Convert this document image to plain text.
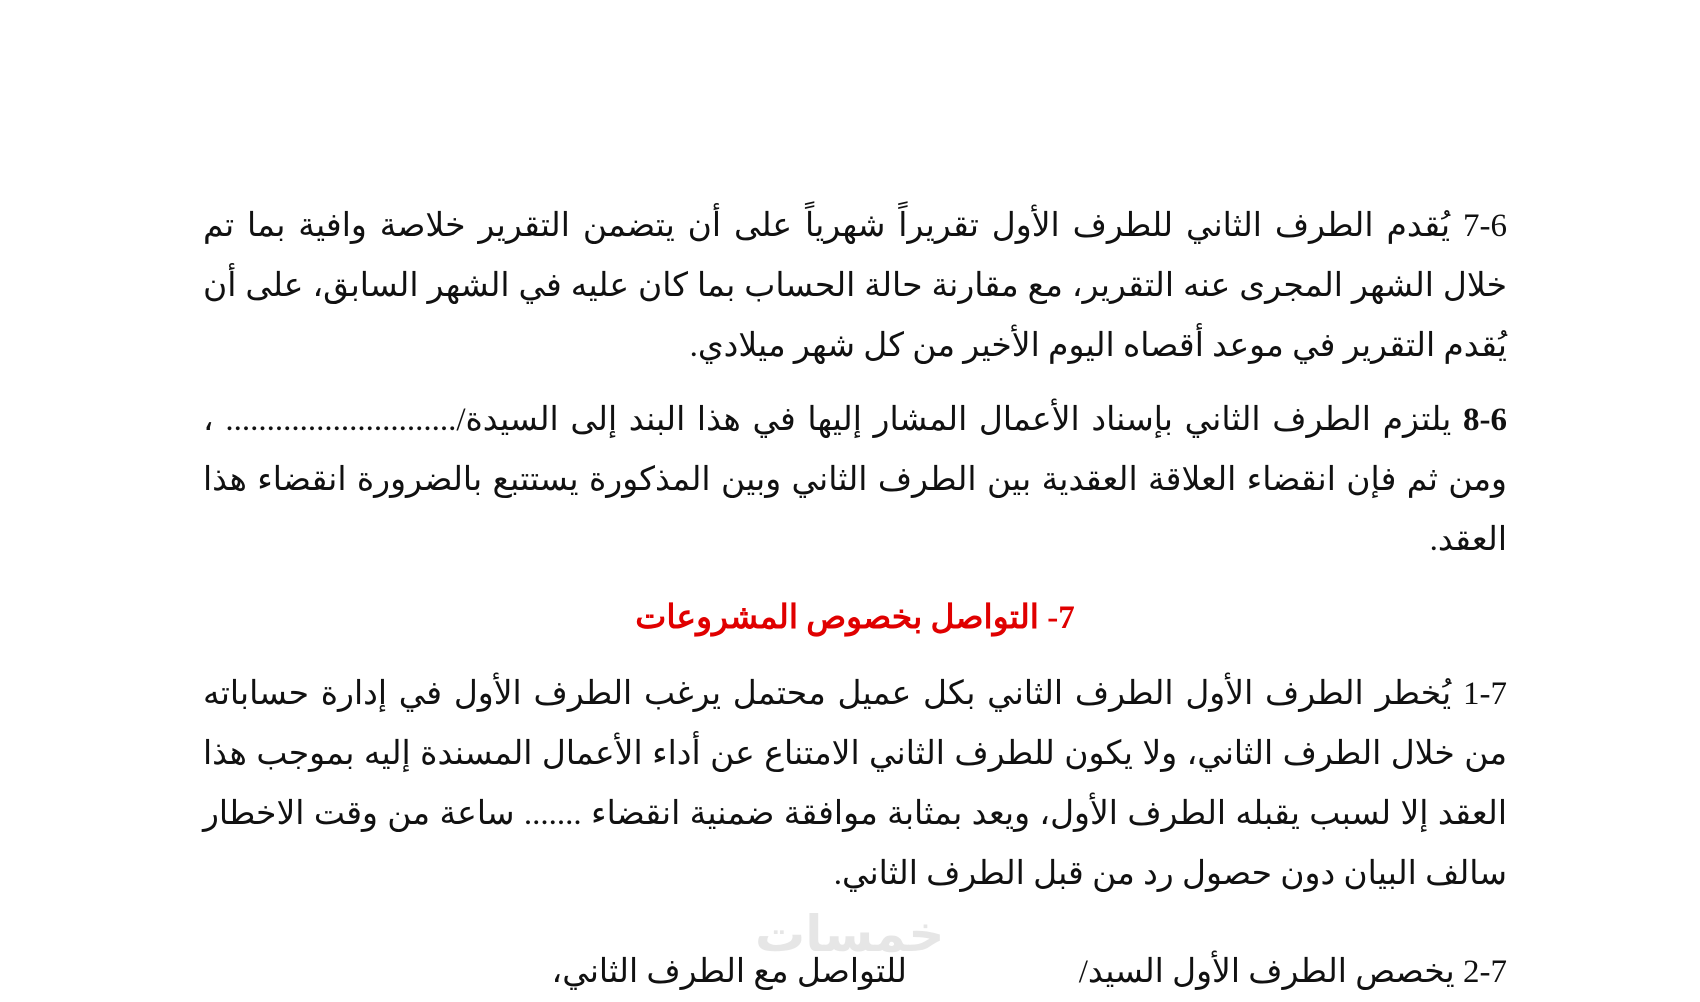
7-6 يُقدم الطرف الثاني للطرف الأول تقريراً شهرياً على أن يتضمن التقرير خلاصة وافية بما تم خلال الشهر المجرى عنه التقرير، مع مقارنة حالة الحساب بما كان عليه في الشهر السابق، على أن يُقدم التقرير في موعد أقصاه اليوم الأخير من كل شهر ميلادي.

8-6 يلتزم الطرف الثاني بإسناد الأعمال المشار إليها في هذا البند إلى السيدة/............................ ، ومن ثم فإن انقضاء العلاقة العقدية بين الطرف الثاني وبين المذكورة يستتبع بالضرورة انقضاء هذا العقد.

7- التواصل بخصوص المشروعات

1-7 يُخطر الطرف الأول الطرف الثاني بكل عميل محتمل يرغب الطرف الأول في إدارة حساباته من خلال الطرف الثاني، ولا يكون للطرف الثاني الامتناع عن أداء الأعمال المسندة إليه بموجب هذا العقد إلا لسبب يقبله الطرف الأول، ويعد بمثابة موافقة ضمنية انقضاء ....... ساعة من وقت الاخطار سالف البيان دون حصول رد من قبل الطرف الثاني.

2-7 يخصص الطرف الأول السيد/
للتواصل مع الطرف الثاني،
خمسات
